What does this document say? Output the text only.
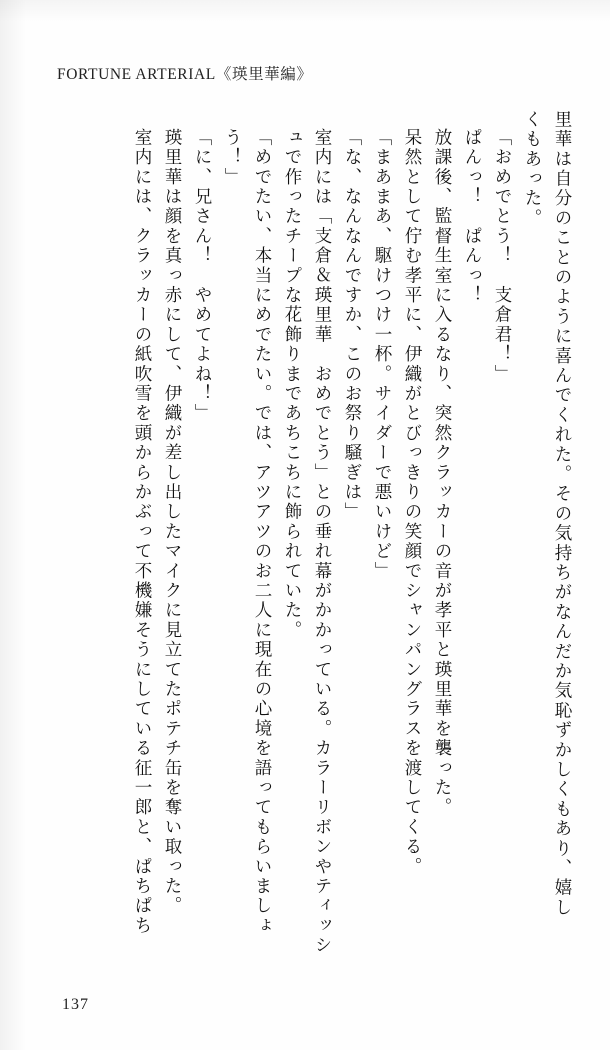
FORTUNE ARTERIAL《瑛里華編》
里華は自分のことのように喜んでくれた。その気持ちがなんだか気恥ずかしくもあり、嬉し
くもあった。
「おめでとう！　支倉君！」
ぱんっ！　ぱんっ！
放課後、監督生室に入るなり、突然クラッカーの音が孝平と瑛里華を襲った。
呆然として佇む孝平に、伊織がとびっきりの笑顔でシャンパングラスを渡してくる。
「まあまあ、駆けつけ一杯。サイダーで悪いけど」
「な、なんなんですか、このお祭り騒ぎは」
室内には「支倉＆瑛里華　おめでとう」との垂れ幕がかかっている。カラーリボンやティッシ
ュで作ったチープな花飾りまであちこちに飾られていた。
「めでたい、本当にめでたい。では、アツアツのお二人に現在の心境を語ってもらいましょ
う！」
「に、兄さん！　やめてよね！」
瑛里華は顔を真っ赤にして、伊織が差し出したマイクに見立てたポテチ缶を奪い取った。
室内には、クラッカーの紙吹雪を頭からかぶって不機嫌そうにしている征一郎と、ぱちぱち
137
